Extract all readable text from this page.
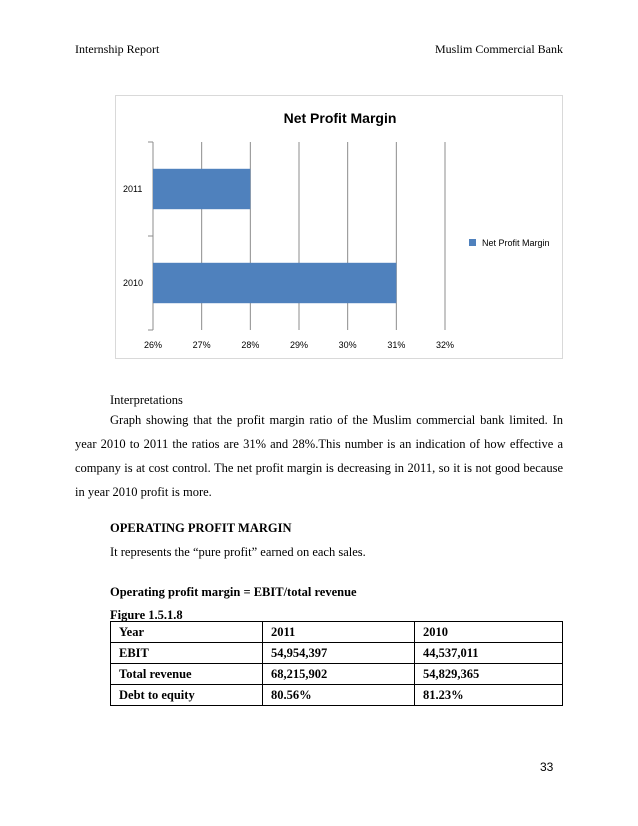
Internship Report	Muslim Commercial Bank
Net Profit Margin
26%	27%	28%	29%	30%	31%	32%
2011
2010
Net Profit Margin
Interpretations

Graph showing that the profit margin ratio of the Muslim commercial bank limited. In year 2010 to 2011 the ratios are 31% and 28%.This number is an indication of how effective a company is at cost control. The net profit margin is decreasing in 2011, so it is not good because in year 2010 profit is more.

OPERATING PROFIT MARGIN
It represents the “pure profit” earned on each sales.
Operating profit margin = EBIT/total revenue
Figure 1.5.1.8
Year	2011	2010
EBIT	54,954,397	44,537,011
Total revenue	68,215,902	54,829,365
Debt to equity	80.56%	81.23%
33
